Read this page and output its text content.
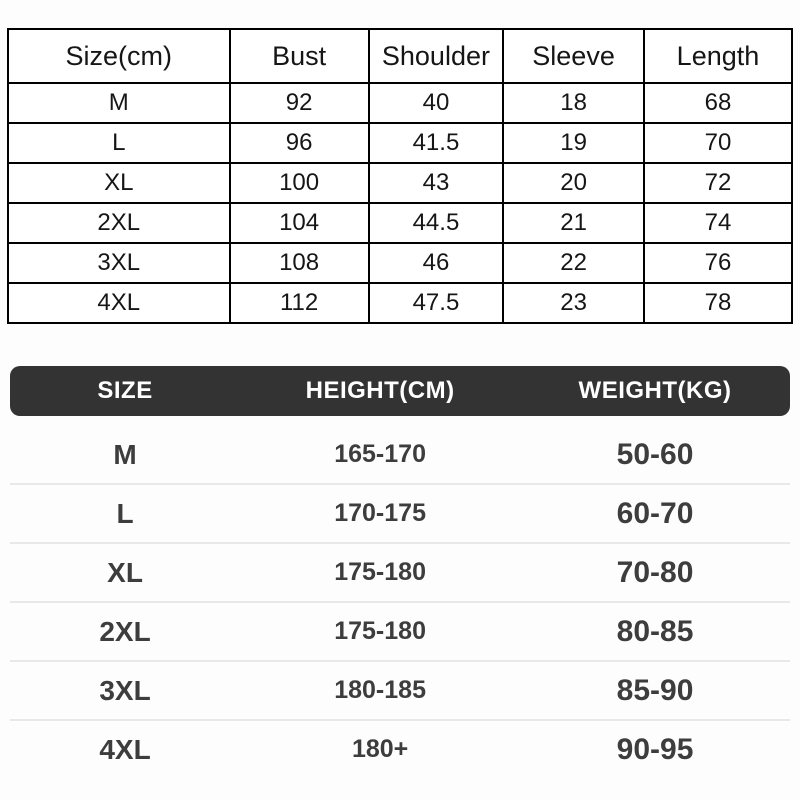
Size(cm)	Bust	Shoulder	Sleeve	Length
M	92	40	18	68
L	96	41.5	19	70
XL	100	43	20	72
2XL	104	44.5	21	74
3XL	108	46	22	76
4XL	112	47.5	23	78
SIZE	HEIGHT(CM)	WEIGHT(KG)
M	165-170	50-60
L	170-175	60-70
XL	175-180	70-80
2XL	175-180	80-85
3XL	180-185	85-90
4XL	180+	90-95
